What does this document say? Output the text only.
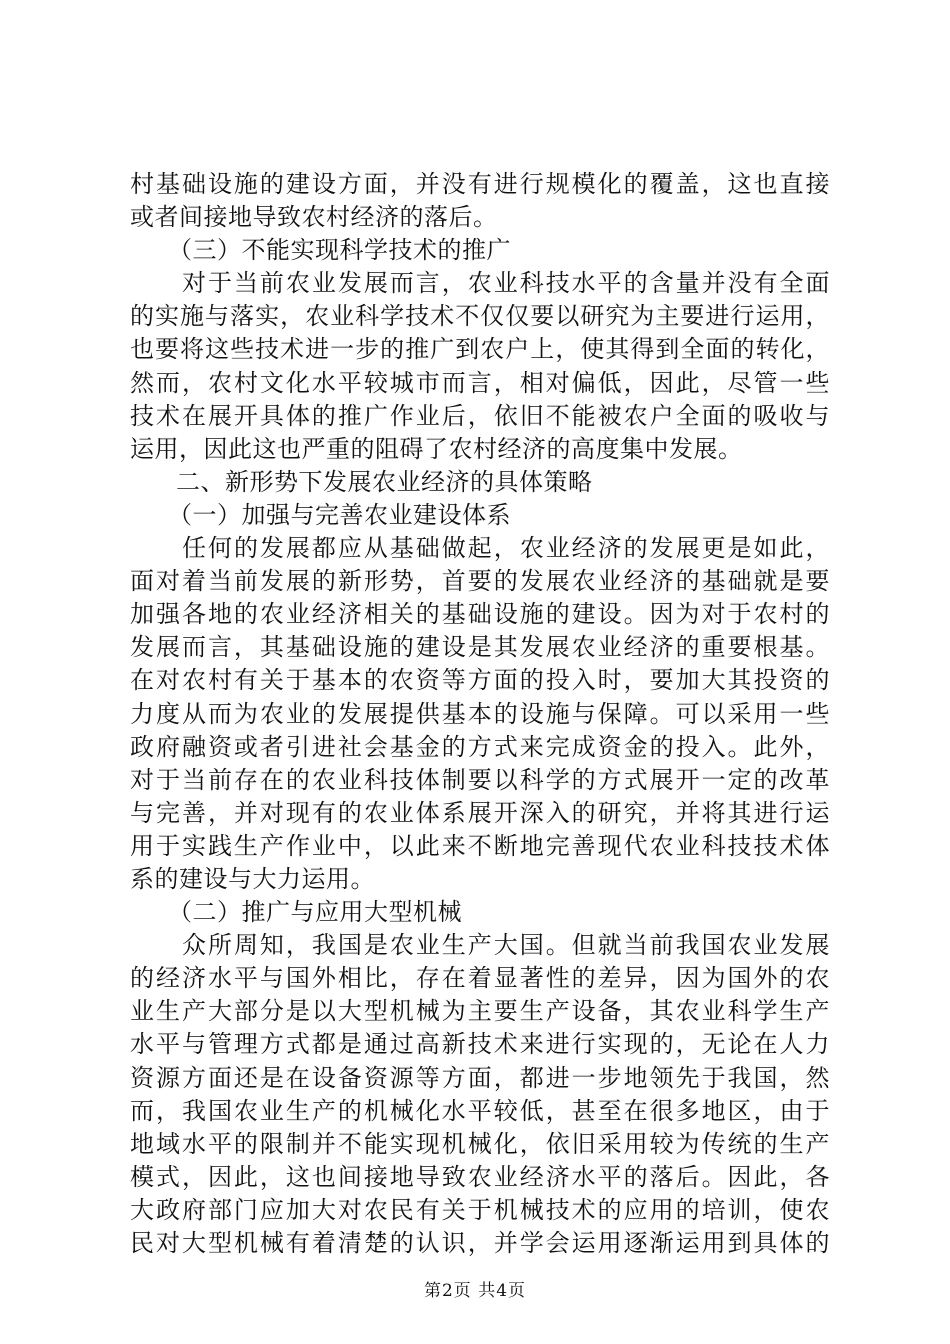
村基础设施的建设方面，并没有进行规模化的覆盖，这也直接
或者间接地导致农村经济的落后。
（三）不能实现科学技术的推广
对于当前农业发展而言，农业科技水平的含量并没有全面
的实施与落实，农业科学技术不仅仅要以研究为主要进行运用，
也要将这些技术进一步的推广到农户上，使其得到全面的转化，
然而，农村文化水平较城市而言，相对偏低，因此，尽管一些
技术在展开具体的推广作业后，依旧不能被农户全面的吸收与
运用，因此这也严重的阻碍了农村经济的高度集中发展。
二、新形势下发展农业经济的具体策略
（一）加强与完善农业建设体系
任何的发展都应从基础做起，农业经济的发展更是如此，
面对着当前发展的新形势，首要的发展农业经济的基础就是要
加强各地的农业经济相关的基础设施的建设。因为对于农村的
发展而言，其基础设施的建设是其发展农业经济的重要根基。
在对农村有关于基本的农资等方面的投入时，要加大其投资的
力度从而为农业的发展提供基本的设施与保障。可以采用一些
政府融资或者引进社会基金的方式来完成资金的投入。此外，
对于当前存在的农业科技体制要以科学的方式展开一定的改革
与完善，并对现有的农业体系展开深入的研究，并将其进行运
用于实践生产作业中，以此来不断地完善现代农业科技技术体
系的建设与大力运用。
（二）推广与应用大型机械
众所周知，我国是农业生产大国。但就当前我国农业发展
的经济水平与国外相比，存在着显著性的差异，因为国外的农
业生产大部分是以大型机械为主要生产设备，其农业科学生产
水平与管理方式都是通过高新技术来进行实现的，无论在人力
资源方面还是在设备资源等方面，都进一步地领先于我国，然
而，我国农业生产的机械化水平较低，甚至在很多地区，由于
地域水平的限制并不能实现机械化，依旧采用较为传统的生产
模式，因此，这也间接地导致农业经济水平的落后。因此，各
大政府部门应加大对农民有关于机械技术的应用的培训，使农
民对大型机械有着清楚的认识，并学会运用逐渐运用到具体的
第2页 共4页
